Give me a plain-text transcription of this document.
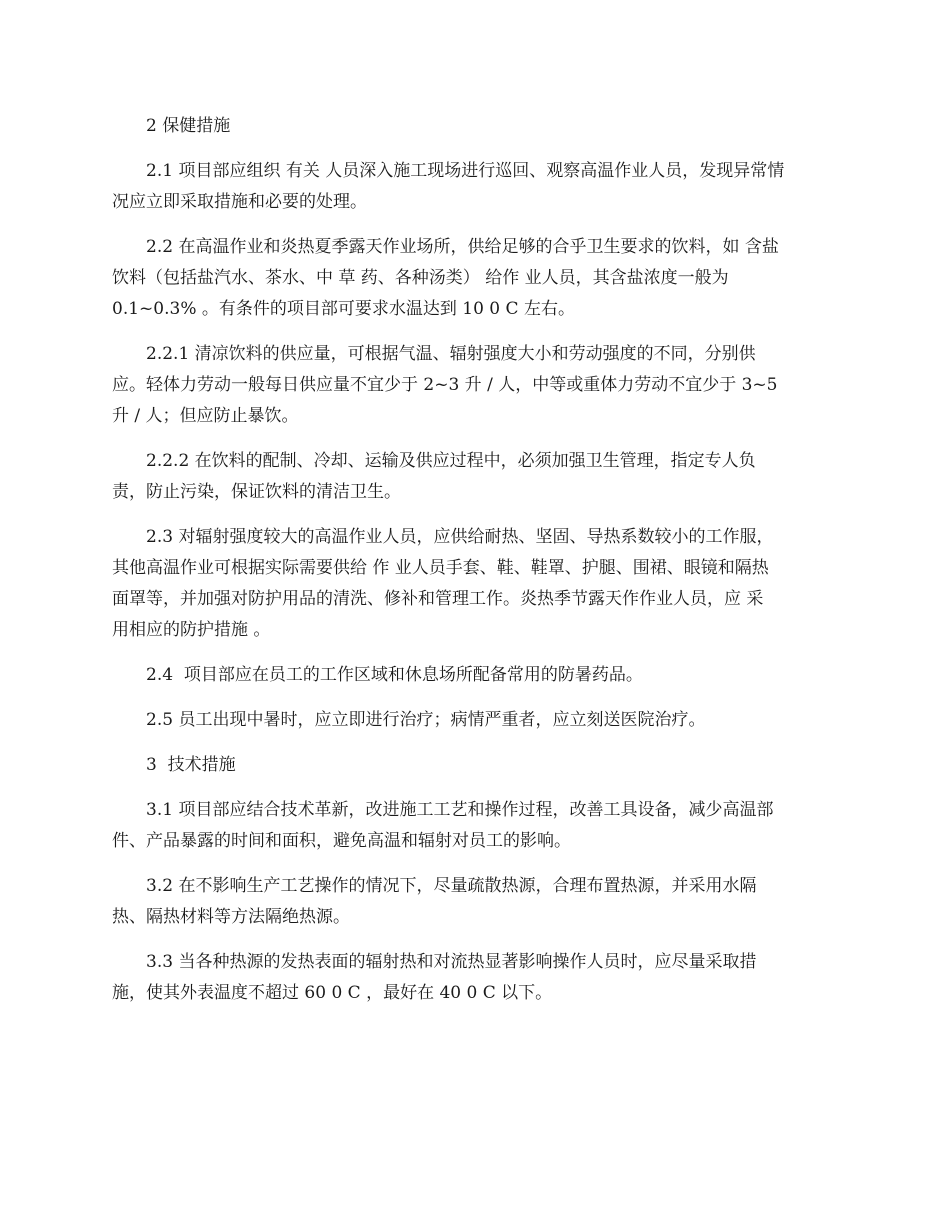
2 保健措施
2.1 项目部应组织 有关 人员深入施工现场进行巡回、观察高温作业人员，发现异常情
况应立即采取措施和必要的处理。
2.2 在高温作业和炎热夏季露天作业场所，供给足够的合乎卫生要求的饮料，如 含盐
饮料（包括盐汽水、茶水、中 草 药、各种汤类） 给作 业人员，其含盐浓度一般为
0.1~0.3% 。有条件的项目部可要求水温达到 10 0 C 左右。
2.2.1 清凉饮料的供应量，可根据气温、辐射强度大小和劳动强度的不同，分别供
应。轻体力劳动一般每日供应量不宜少于 2~3 升 / 人，中等或重体力劳动不宜少于 3~5
升 / 人；但应防止暴饮。
2.2.2 在饮料的配制、冷却、运输及供应过程中，必须加强卫生管理，指定专人负
责，防止污染，保证饮料的清洁卫生。
2.3 对辐射强度较大的高温作业人员，应供给耐热、坚固、导热系数较小的工作服，
其他高温作业可根据实际需要供给 作 业人员手套、鞋、鞋罩、护腿、围裙、眼镜和隔热
面罩等，并加强对防护用品的清洗、修补和管理工作。炎热季节露天作作业人员，应 采
用相应的防护措施 。
2.4  项目部应在员工的工作区域和休息场所配备常用的防暑药品。
2.5 员工出现中暑时，应立即进行治疗；病情严重者，应立刻送医院治疗。
3  技术措施
3.1 项目部应结合技术革新，改进施工工艺和操作过程，改善工具设备，减少高温部
件、产品暴露的时间和面积，避免高温和辐射对员工的影响。
3.2 在不影响生产工艺操作的情况下，尽量疏散热源，合理布置热源，并采用水隔
热、隔热材料等方法隔绝热源。
3.3 当各种热源的发热表面的辐射热和对流热显著影响操作人员时，应尽量采取措
施，使其外表温度不超过 60 0 C ，最好在 40 0 C 以下。
